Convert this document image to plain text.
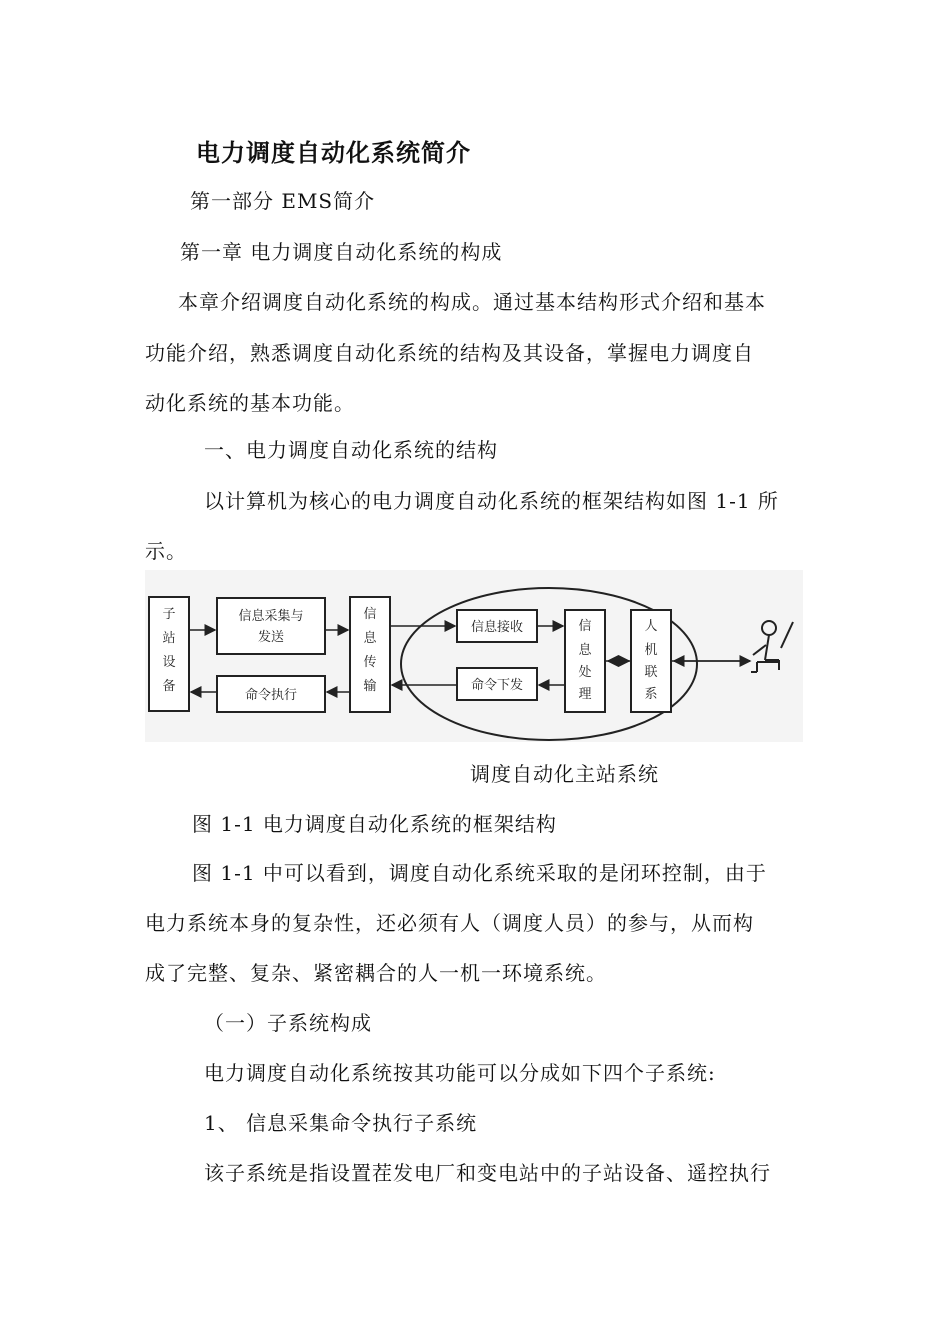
电力调度自动化系统简介
第一部分 EMS简介
第一章 电力调度自动化系统的构成
本章介绍调度自动化系统的构成。通过基本结构形式介绍和基本
功能介绍，熟悉调度自动化系统的结构及其设备，掌握电力调度自
动化系统的基本功能。
一、电力调度自动化系统的结构
以计算机为核心的电力调度自动化系统的框架结构如图 1-1 所
示。
子
站
设
备
信息采集与
发送
命令执行
信
息
传
输
信息接收
命令下发
信
息
处
理
人
机
联
系
调度自动化主站系统
图 1-1 电力调度自动化系统的框架结构
图 1-1 中可以看到，调度自动化系统采取的是闭环控制，由于
电力系统本身的复杂性，还必须有人（调度人员）的参与，从而构
成了完整、复杂、紧密耦合的人一机一环境系统。
（一）子系统构成
电力调度自动化系统按其功能可以分成如下四个子系统:
1、 信息采集命令执行子系统
该子系统是指设置茬发电厂和变电站中的子站设备、遥控执行
